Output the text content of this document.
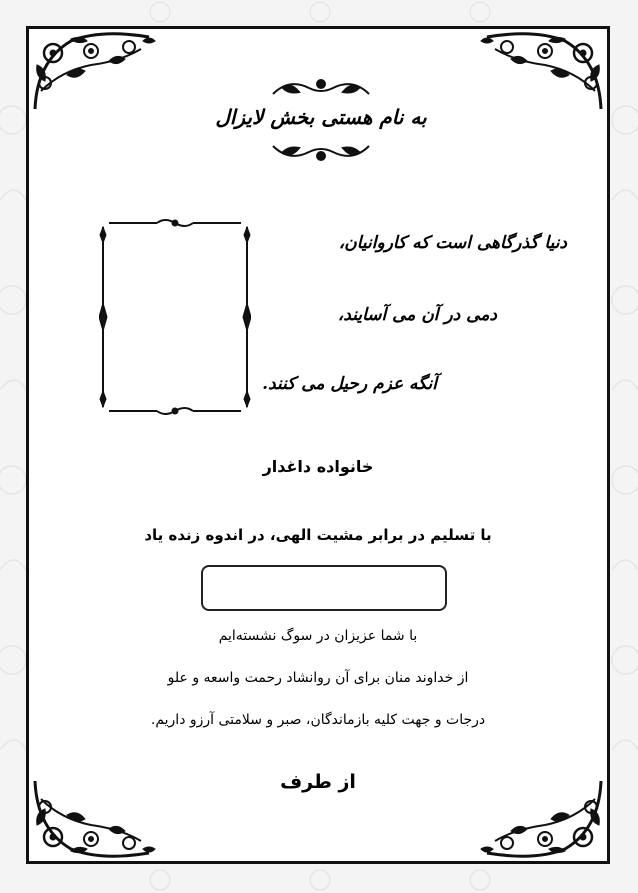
به نام هستی بخش لایزال
دنیا گذرگاهی است که کاروانیان،
دمی در آن می آسایند،
آنگه عزم رحیل می کنند.
خانواده داغدار
با تسلیم در برابر مشیت الهی، در اندوه زنده یاد
با شما عزیزان در سوگ نشسته‌ایم
از خداوند منان برای آن روانشاد رحمت واسعه و علو
درجات و جهت کلیه بازماندگان، صبر و سلامتی آرزو داریم.
از طرف
